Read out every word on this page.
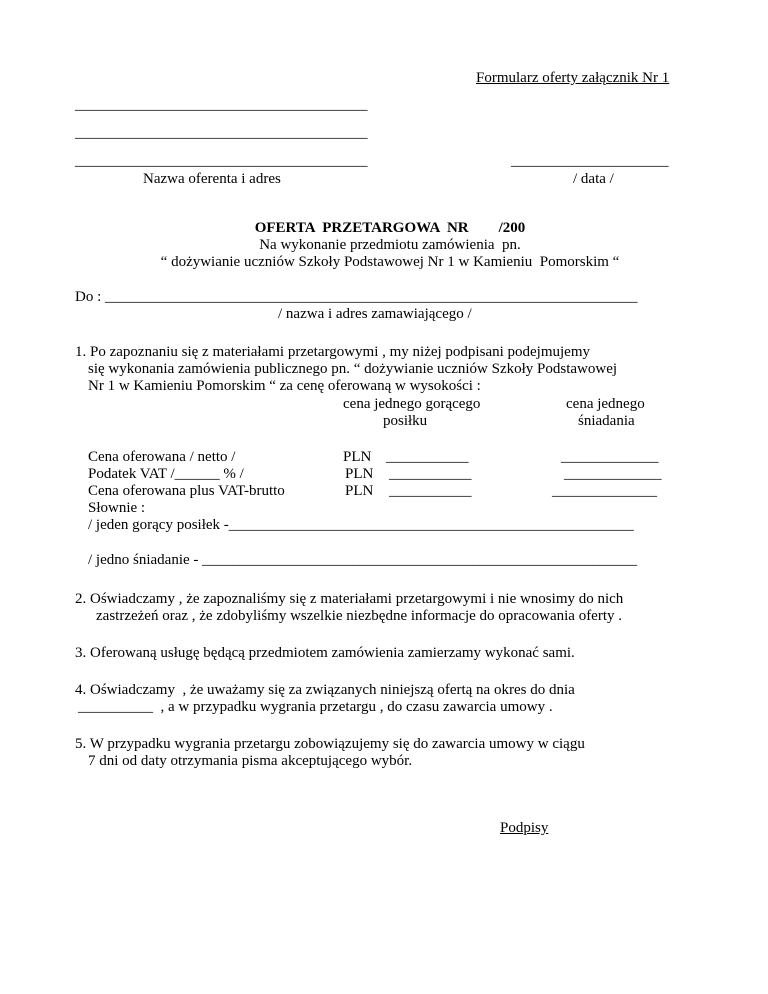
Formularz oferty załącznik Nr 1
_______________________________________
_______________________________________
_______________________________________
Nazwa oferenta i adres
_____________________
/ data /
OFERTA  PRZETARGOWA  NR        /200
Na wykonanie przedmiotu zamówienia  pn.
“ dożywianie uczniów Szkoły Podstawowej Nr 1 w Kamieniu  Pomorskim “
Do : _______________________________________________________________________
/ nazwa i adres zamawiającego /
1. Po zapoznaniu się z materiałami przetargowymi , my niżej podpisani podejmujemy
się wykonania zamówienia publicznego pn. “ dożywianie uczniów Szkoły Podstawowej
Nr 1 w Kamieniu Pomorskim “ za cenę oferowaną w wysokości :
cena jednego gorącego
posiłku
cena jednego
śniadania
Cena oferowana / netto /	PLN ___________	_____________
Podatek VAT /______ % /	PLN ___________	_____________
Cena oferowana plus VAT-brutto	PLN ___________	______________
Słownie :
/ jeden gorący posiłek -______________________________________________________
/ jedno śniadanie - __________________________________________________________
2. Oświadczamy , że zapoznaliśmy się z materiałami przetargowymi i nie wnosimy do nich
zastrzeżeń oraz , że zdobyliśmy wszelkie niezbędne informacje do opracowania oferty .
3. Oferowaną usługę będącą przedmiotem zamówienia zamierzamy wykonać sami.
4. Oświadczamy  , że uważamy się za związanych niniejszą ofertą na okres do dnia
__________  , a w przypadku wygrania przetargu , do czasu zawarcia umowy .
5. W przypadku wygrania przetargu zobowiązujemy się do zawarcia umowy w ciągu
7 dni od daty otrzymania pisma akceptującego wybór.
Podpisy
